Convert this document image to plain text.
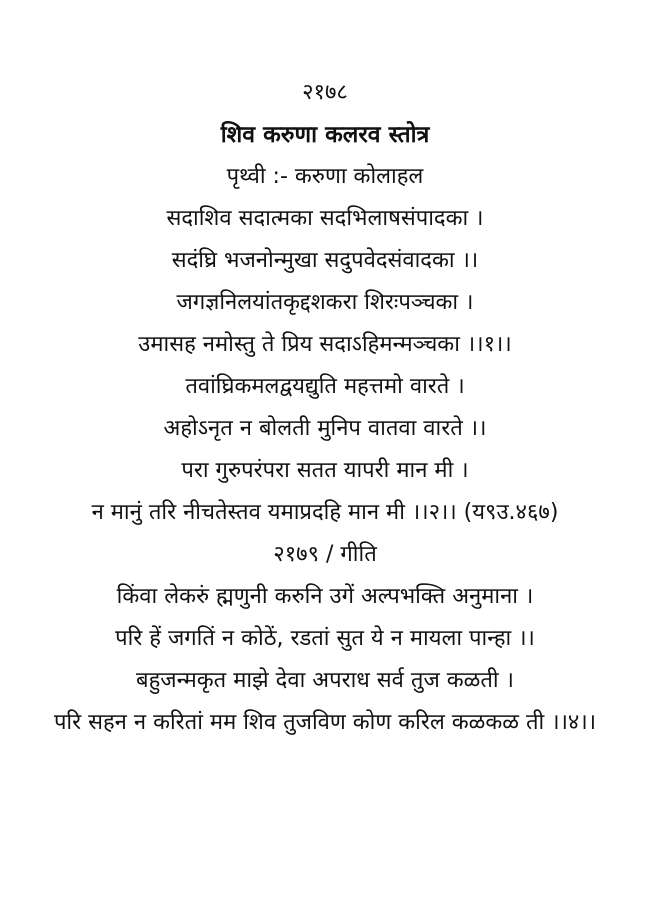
२१७८
शिव करुणा कलरव स्तोत्र
पृथ्वी :- करुणा कोलाहल
सदाशिव सदात्मका सदभिलाषसंपादका ।
सदंघ्रि भजनोन्मुखा सदुपवेदसंवादका ।।
जगज्ञनिलयांतकृद्दशकरा शिरःपञ्चका ।
उमासह नमोस्तु ते प्रिय सदाऽहिमन्मञ्चका ।।१।।
तवांघ्रिकमलद्वयद्युति महत्तमो वारते ।
अहोऽनृत न बोलती मुनिप वातवा वारते ।।
परा गुरुपरंपरा सतत यापरी मान मी ।
न मानुं तरि नीचतेस्तव यमाप्रदहि मान मी ।।२।। (य९उ.४६७)
२१७९ / गीति
किंवा लेकरुं ह्मणुनी करुनि उगें अल्पभक्ति अनुमाना ।
परि हें जगतिं न कोठें, रडतां सुत ये न मायला पान्हा ।।
बहुजन्मकृत माझे देवा अपराध सर्व तुज कळती ।
परि सहन न करितां मम शिव तुजविण कोण करिल कळकळ ती ।।४।।
